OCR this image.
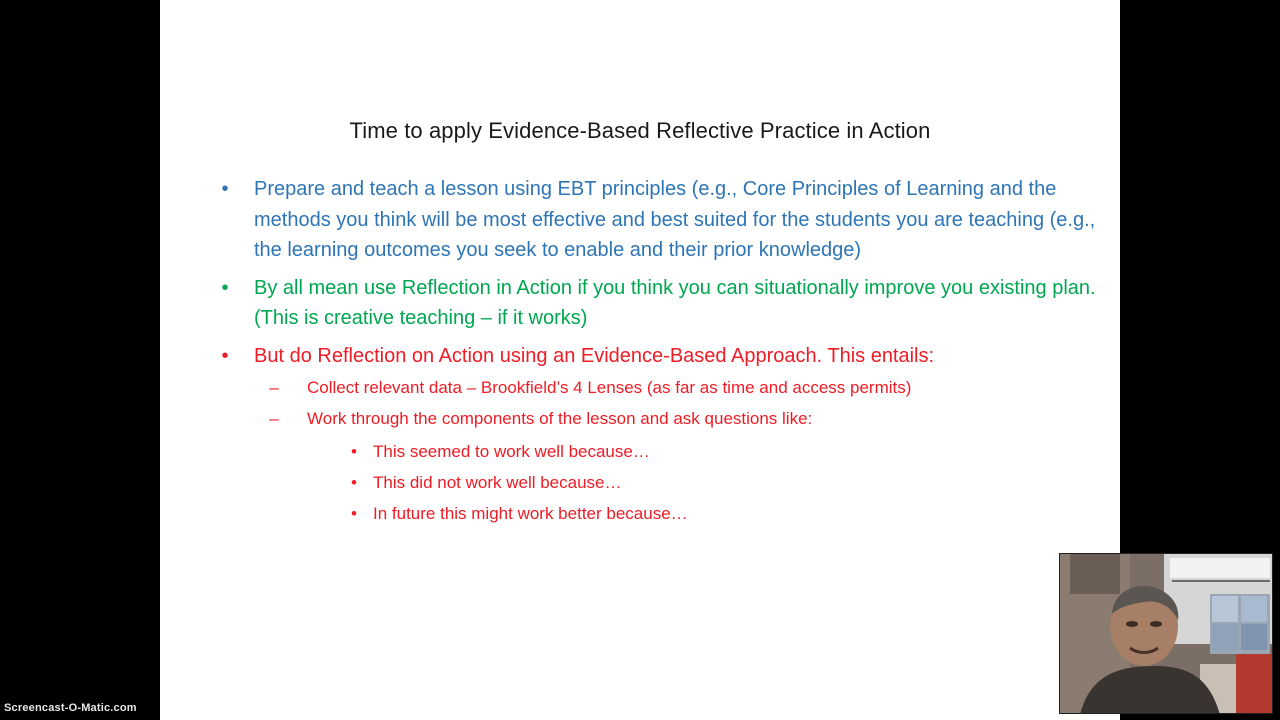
Time to apply Evidence-Based Reflective Practice in Action
• Prepare and teach a lesson using EBT principles (e.g., Core Principles of Learning and the methods you think will be most effective and best suited for the students you are teaching (e.g., the learning outcomes you seek to enable and their prior knowledge)
• By all mean use Reflection in Action if you think you can situationally improve you existing plan. (This is creative teaching – if it works)
• But do Reflection on Action using an Evidence-Based Approach. This entails:
– Collect relevant data – Brookfield’s 4 Lenses (as far as time and access permits)
– Work through the components of the lesson and ask questions like:
• This seemed to work well because…
• This did not work well because…
• In future this might work better because…
Screencast-O-Matic.com
